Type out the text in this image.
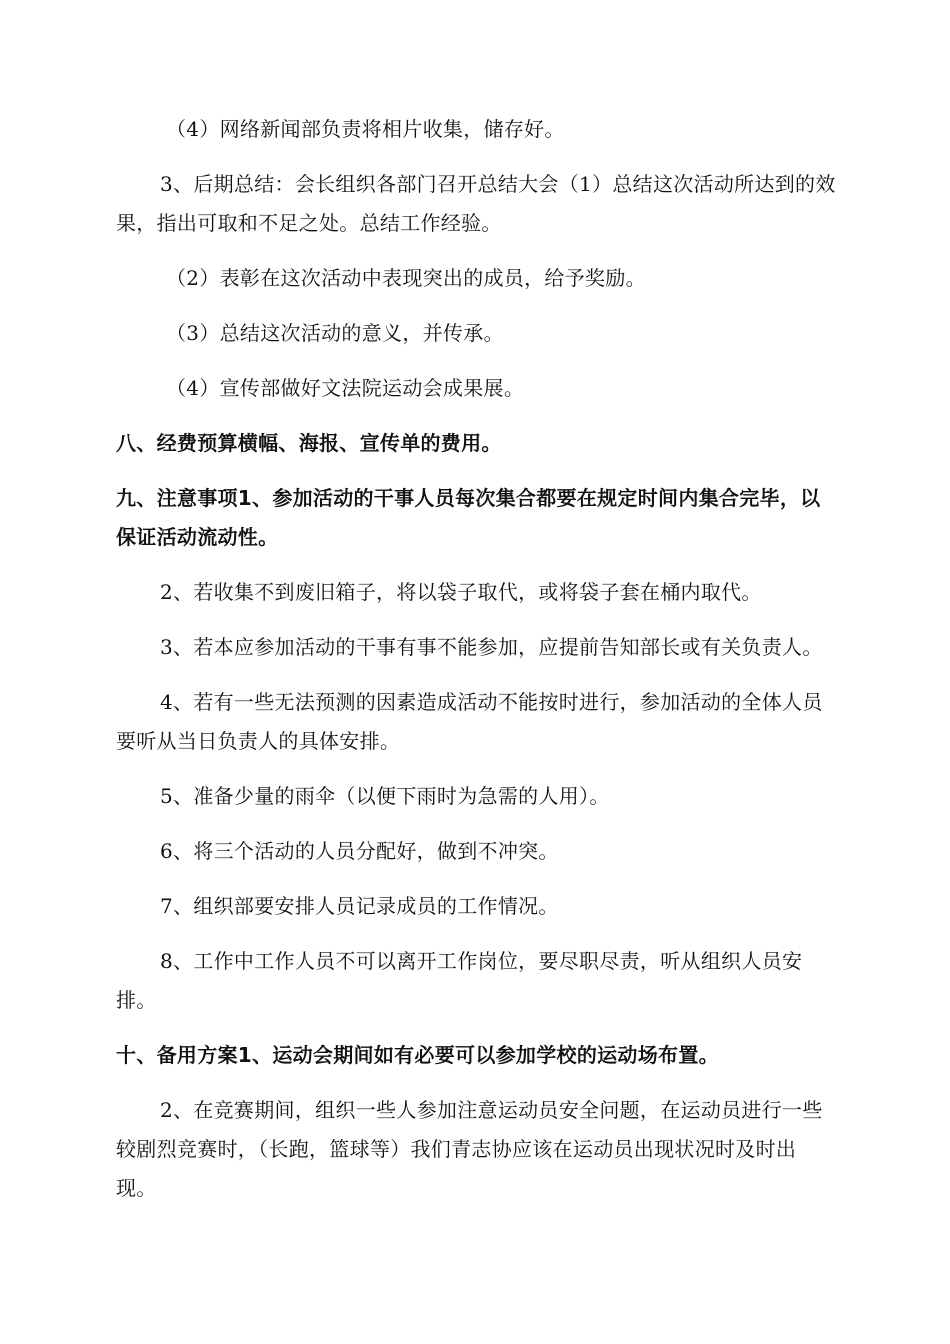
（4）网络新闻部负责将相片收集，储存好。

3、后期总结：会长组织各部门召开总结大会（1）总结这次活动所达到的效果，指出可取和不足之处。总结工作经验。

（2）表彰在这次活动中表现突出的成员，给予奖励。

（3）总结这次活动的意义，并传承。

（4）宣传部做好文法院运动会成果展。

八、经费预算横幅、海报、宣传单的费用。

九、注意事项1、参加活动的干事人员每次集合都要在规定时间内集合完毕，以保证活动流动性。

2、若收集不到废旧箱子，将以袋子取代，或将袋子套在桶内取代。

3、若本应参加活动的干事有事不能参加，应提前告知部长或有关负责人。

4、若有一些无法预测的因素造成活动不能按时进行，参加活动的全体人员要听从当日负责人的具体安排。

5、准备少量的雨伞（以便下雨时为急需的人用）。

6、将三个活动的人员分配好，做到不冲突。

7、组织部要安排人员记录成员的工作情况。

8、工作中工作人员不可以离开工作岗位，要尽职尽责，听从组织人员安排。

十、备用方案1、运动会期间如有必要可以参加学校的运动场布置。

2、在竞赛期间，组织一些人参加注意运动员安全问题，在运动员进行一些较剧烈竞赛时，（长跑，篮球等）我们青志协应该在运动员出现状况时及时出现。
